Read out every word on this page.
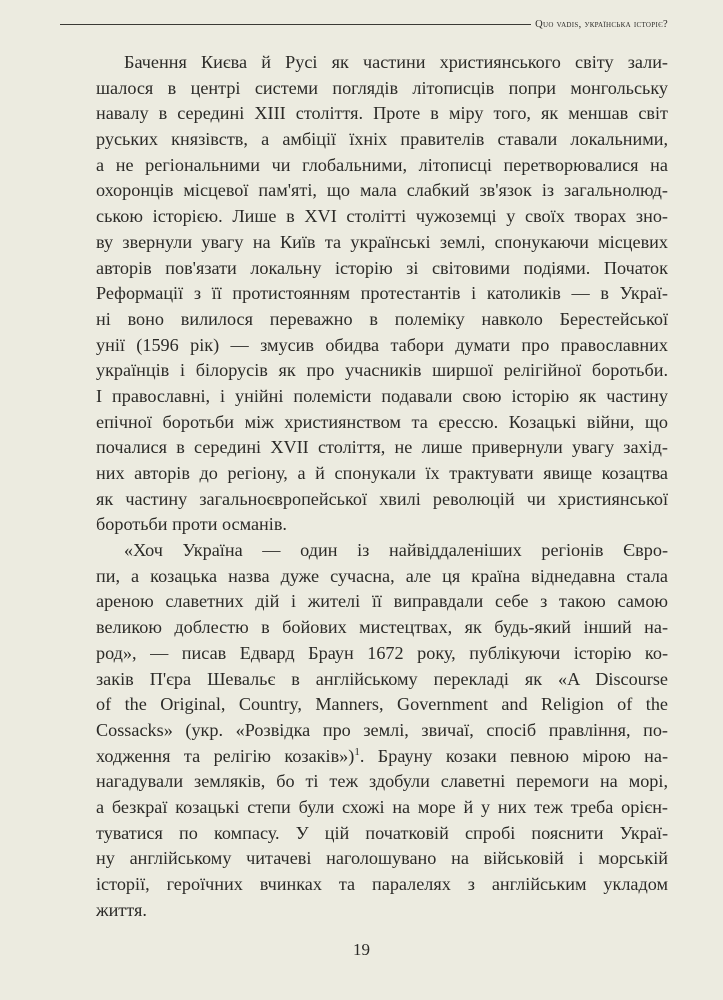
Quo vadis, українська історіє?
Бачення Києва й Русі як частини християнського світу зали-
шалося в центрі системи поглядів літописців попри монгольську
навалу в середині XIII століття. Проте в міру того, як меншав світ
руських князівств, а амбіції їхніх правителів ставали локальними,
а не регіональними чи глобальними, літописці перетворювалися на
охоронців місцевої пам'яті, що мала слабкий зв'язок із загальнолюд-
ською історією. Лише в XVI столітті чужоземці у своїх творах зно-
ву звернули увагу на Київ та українські землі, спонукаючи місцевих
авторів пов'язати локальну історію зі світовими подіями. Початок
Реформації з її протистоянням протестантів і католиків — в Украї-
ні воно вилилося переважно в полеміку навколо Берестейської
унії (1596 рік) — змусив обидва табори думати про православних
українців і білорусів як про учасників ширшої релігійної боротьби.
І православні, і унійні полемісти подавали свою історію як частину
епічної боротьби між християнством та єрессю. Козацькі війни, що
почалися в середині XVII століття, не лише привернули увагу захід-
них авторів до регіону, а й спонукали їх трактувати явище козацтва
як частину загальноєвропейської хвилі революцій чи християнської
боротьби проти османів.
«Хоч Україна — один із найвіддаленіших регіонів Євро-
пи, а козацька назва дуже сучасна, але ця країна віднедавна стала
ареною славетних дій і жителі її виправдали себе з такою самою
великою доблестю в бойових мистецтвах, як будь-який інший на-
род», — писав Едвард Браун 1672 року, публікуючи історію ко-
заків П'єра Шевальє в англійському перекладі як «A Discourse
of the Original, Country, Manners, Government and Religion of the
Cossacks» (укр. «Розвідка про землі, звичаї, спосіб правління, по-
ходження та релігію козаків»)$^1$. Брауну козаки певною мірою на-
нагадували земляків, бо ті теж здобули славетні перемоги на морі,
а безкраї козацькі степи були схожі на море й у них теж треба орієн-
туватися по компасу. У цій початковій спробі пояснити Украї-
ну англійському читачеві наголошувано на військовій і морській
історії, героїчних вчинках та паралелях з англійським укладом
життя.
19
